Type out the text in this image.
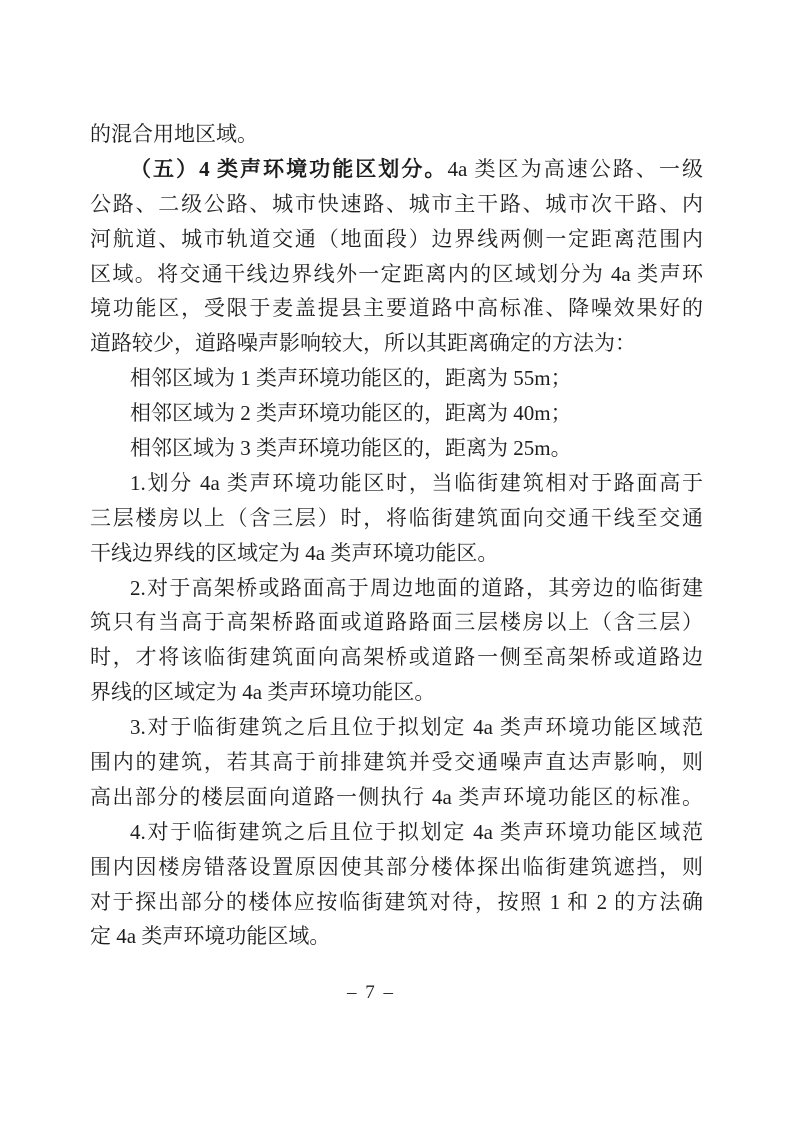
的混合用地区域。
（五）4 类声环境功能区划分。4a 类区为高速公路、一级
公路、二级公路、城市快速路、城市主干路、城市次干路、内
河航道、城市轨道交通（地面段）边界线两侧一定距离范围内
区域。将交通干线边界线外一定距离内的区域划分为 4a 类声环
境功能区，受限于麦盖提县主要道路中高标准、降噪效果好的
道路较少，道路噪声影响较大，所以其距离确定的方法为：
相邻区域为 1 类声环境功能区的，距离为 55m；
相邻区域为 2 类声环境功能区的，距离为 40m；
相邻区域为 3 类声环境功能区的，距离为 25m。
1.划分 4a 类声环境功能区时，当临街建筑相对于路面高于
三层楼房以上（含三层）时，将临街建筑面向交通干线至交通
干线边界线的区域定为 4a 类声环境功能区。
2.对于高架桥或路面高于周边地面的道路，其旁边的临街建
筑只有当高于高架桥路面或道路路面三层楼房以上（含三层）
时，才将该临街建筑面向高架桥或道路一侧至高架桥或道路边
界线的区域定为 4a 类声环境功能区。
3.对于临街建筑之后且位于拟划定 4a 类声环境功能区域范
围内的建筑，若其高于前排建筑并受交通噪声直达声影响，则
高出部分的楼层面向道路一侧执行 4a 类声环境功能区的标准。
4.对于临街建筑之后且位于拟划定 4a 类声环境功能区域范
围内因楼房错落设置原因使其部分楼体探出临街建筑遮挡，则
对于探出部分的楼体应按临街建筑对待，按照 1 和 2 的方法确
定 4a 类声环境功能区域。
– 7 –
